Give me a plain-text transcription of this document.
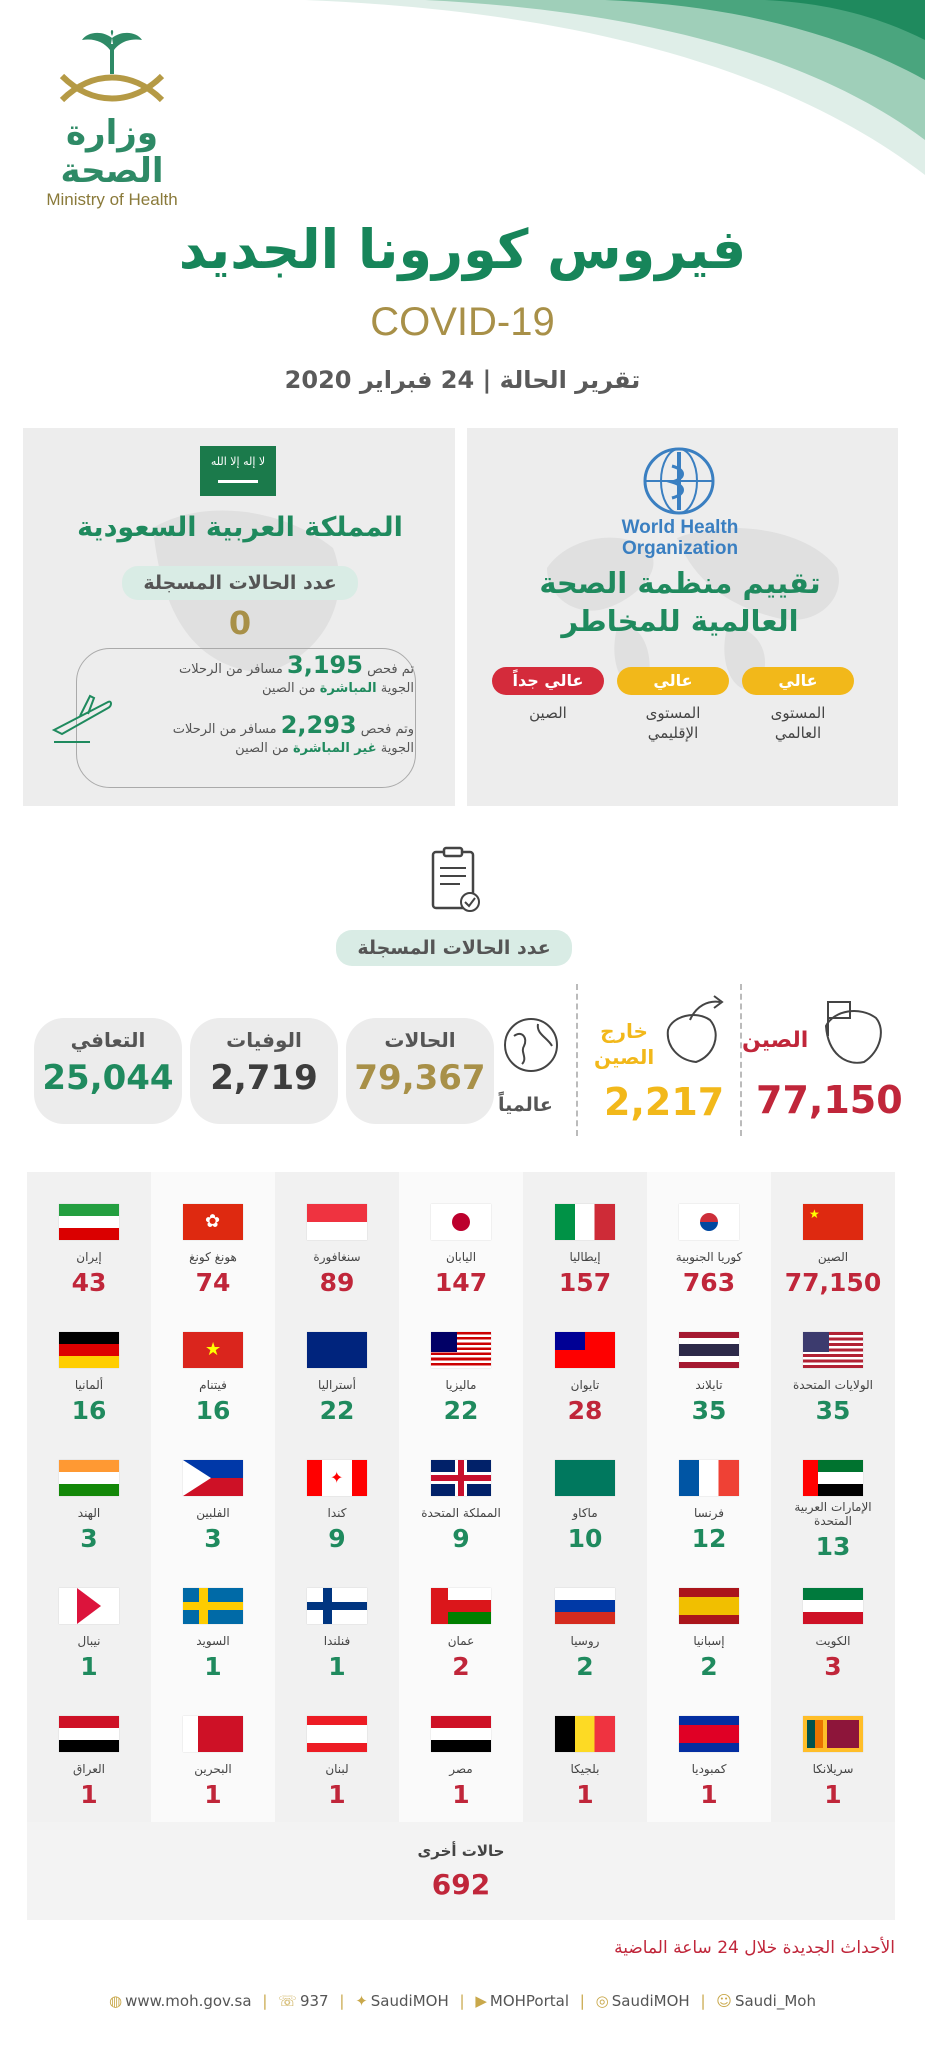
وزارة الصحة
Ministry of Health
فيروس كورونا الجديد
COVID-19
تقرير الحالة | 24 فبراير 2020
World Health
Organization
تقييم منظمة الصحة
العالمية للمخاطر
عالي
عالي
عالي جداً
المستوى
العالمي
المستوى
الإقليمي
الصين
لا إله إلا الله
المملكة العربية السعودية
عدد الحالات المسجلة
0
تم فحص 3,195 مسافر من الرحلات
الجوية المباشرة من الصين
وتم فحص 2,293 مسافر من الرحلات
الجوية غير المباشرة من الصين
عدد الحالات المسجلة
الصين
77,150
خارج
الصين
2,217
عالمياً
الحالات
79,367
الوفيات
2,719
التعافي
25,044
★
الصين
77,150
كوريا الجنوبية
763
إيطاليا
157
اليابان
147
سنغافورة
89
✿
هونغ كونغ
74
إيران
43
الولايات المتحدة
35
تايلاند
35
تايوان
28
ماليزيا
22
أستراليا
22
★
فيتنام
16
ألمانيا
16
الإمارات العربية المتحدة
13
فرنسا
12
ماكاو
10
المملكة المتحدة
9
✦
كندا
9
الفلبين
3
الهند
3
الكويت
3
إسبانيا
2
روسيا
2
عمان
2
فنلندا
1
السويد
1
نيبال
1
سريلانكا
1
كمبوديا
1
بلجيكا
1
مصر
1
لبنان
1
البحرين
1
العراق
1
حالات أخرى
692
الأحداث الجديدة خلال 24 ساعة الماضية
◍ www.moh.gov.sa | ☏ 937 | ✦ SaudiMOH | ▶ MOHPortal | ◎ SaudiMOH | ☺ Saudi_Moh
